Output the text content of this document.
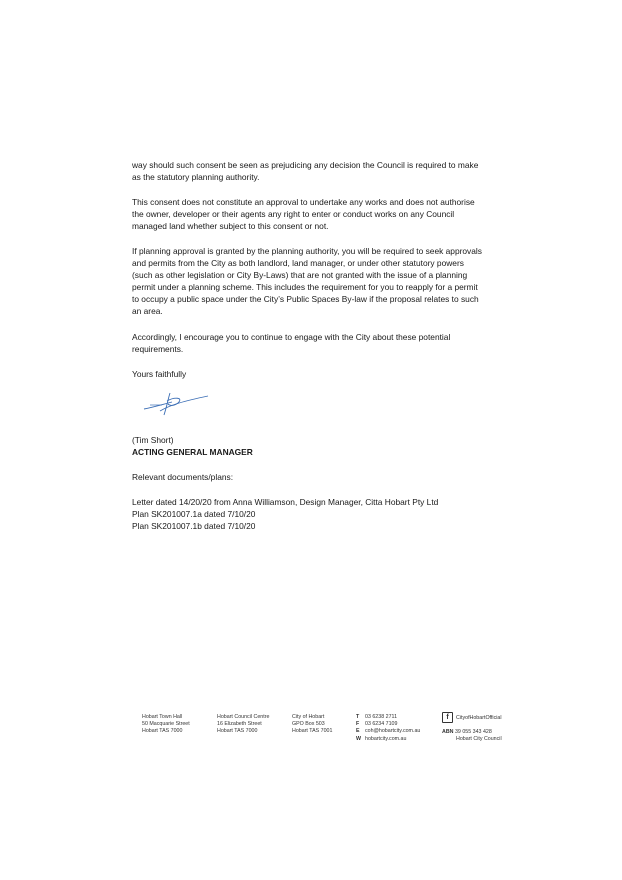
way should such consent be seen as prejudicing any decision the Council is required to make
as the statutory planning authority.

This consent does not constitute an approval to undertake any works and does not authorise
the owner, developer or their agents any right to enter or conduct works on any Council
managed land whether subject to this consent or not.

If planning approval is granted by the planning authority, you will be required to seek approvals
and permits from the City as both landlord, land manager, or under other statutory powers
(such as other legislation or City By-Laws) that are not granted with the issue of a planning
permit under a planning scheme. This includes the requirement for you to reapply for a permit
to occupy a public space under the City’s Public Spaces By-law if the proposal relates to such
an area.

Accordingly, I encourage you to continue to engage with the City about these potential
requirements.

Yours faithfully

(Tim Short)

ACTING GENERAL MANAGER

Relevant documents/plans:

Letter dated 14/20/20 from Anna Williamson, Design Manager, Citta Hobart Pty Ltd
Plan SK201007.1a dated 7/10/20
Plan SK201007.1b dated 7/10/20

Hobart Town Hall
50 Macquarie Street
Hobart TAS 7000
Hobart Council Centre
16 Elizabeth Street
Hobart TAS 7000
City of Hobart
GPO Box 503
Hobart TAS 7001
T 03 6238 2711
F 03 6234 7109
E coh@hobartcity.com.au
W hobartcity.com.au
f CityofHobartOfficial
ABN 39 055 343 428
Hobart City Council
